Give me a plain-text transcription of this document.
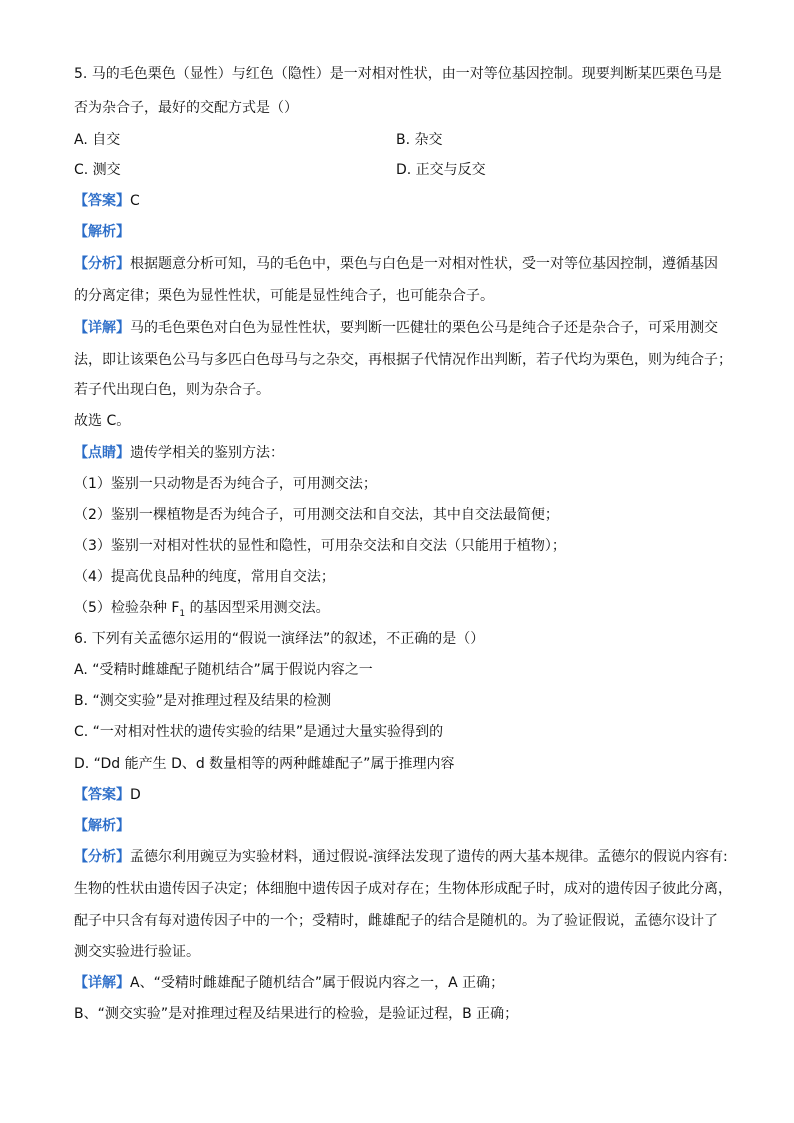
5. 马的毛色栗色（显性）与红色（隐性）是一对相对性状，由一对等位基因控制。现要判断某匹栗色马是
否为杂合子，最好的交配方式是（）
A. 自交	B. 杂交
C. 测交	D. 正交与反交
【答案】C
【解析】
【分析】根据题意分析可知，马的毛色中，栗色与白色是一对相对性状，受一对等位基因控制，遵循基因
的分离定律；栗色为显性性状，可能是显性纯合子，也可能杂合子。
【详解】马的毛色栗色对白色为显性性状，要判断一匹健壮的栗色公马是纯合子还是杂合子，可采用测交
法，即让该栗色公马与多匹白色母马与之杂交，再根据子代情况作出判断，若子代均为栗色，则为纯合子；
若子代出现白色，则为杂合子。
故选 C。
【点睛】遗传学相关的鉴别方法：
（1）鉴别一只动物是否为纯合子，可用测交法；
（2）鉴别一棵植物是否为纯合子，可用测交法和自交法，其中自交法最简便；
（3）鉴别一对相对性状的显性和隐性，可用杂交法和自交法（只能用于植物）；
（4）提高优良品种的纯度，常用自交法；
（5）检验杂种 $F_1$ 的基因型采用测交法。
6. 下列有关孟德尔运用的“假说一演绎法”的叙述，不正确的是（）
A. “受精时雌雄配子随机结合”属于假说内容之一
B. “测交实验”是对推理过程及结果的检测
C. “一对相对性状的遗传实验的结果”是通过大量实验得到的
D. “Dd 能产生 D、d 数量相等的两种雌雄配子”属于推理内容
【答案】D
【解析】
【分析】孟德尔利用豌豆为实验材料，通过假说-演绎法发现了遗传的两大基本规律。孟德尔的假说内容有:
生物的性状由遗传因子决定；体细胞中遗传因子成对存在；生物体形成配子时，成对的遗传因子彼此分离，
配子中只含有每对遗传因子中的一个；受精时，雌雄配子的结合是随机的。为了验证假说，孟德尔设计了
测交实验进行验证。
【详解】A、“受精时雌雄配子随机结合”属于假说内容之一，A 正确；
B、“测交实验”是对推理过程及结果进行的检验，是验证过程，B 正确；
